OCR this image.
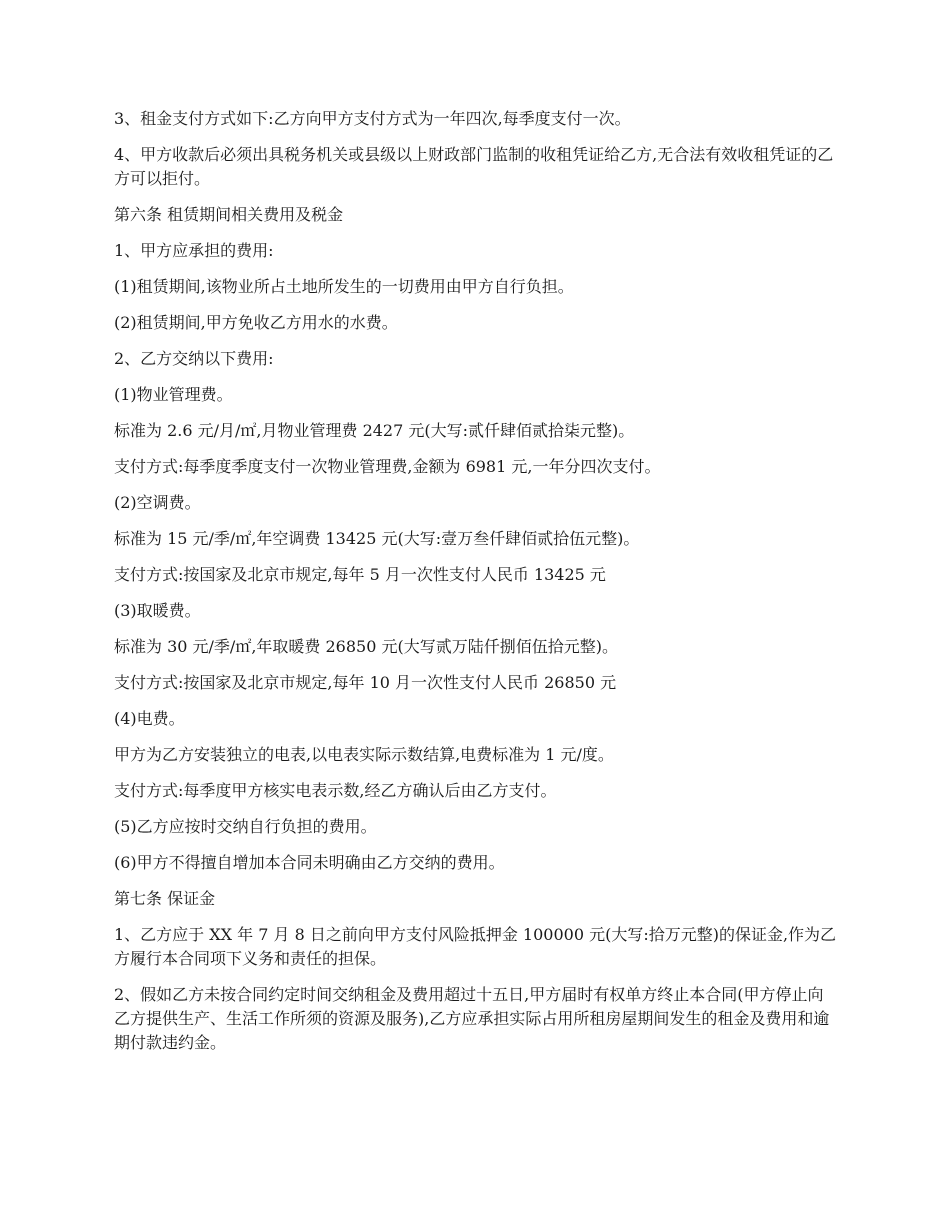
3、租金支付方式如下:乙方向甲方支付方式为一年四次,每季度支付一次。

4、甲方收款后必须出具税务机关或县级以上财政部门监制的收租凭证给乙方,无合法有效收租凭证的乙方可以拒付。

第六条 租赁期间相关费用及税金

1、甲方应承担的费用:

(1)租赁期间,该物业所占土地所发生的一切费用由甲方自行负担。

(2)租赁期间,甲方免收乙方用水的水费。

2、乙方交纳以下费用:

(1)物业管理费。

标准为 2.6 元/月/㎡,月物业管理费 2427 元(大写:贰仟肆佰贰拾柒元整)。

支付方式:每季度季度支付一次物业管理费,金额为 6981 元,一年分四次支付。

(2)空调费。

标准为 15 元/季/㎡,年空调费 13425 元(大写:壹万叁仟肆佰贰拾伍元整)。

支付方式:按国家及北京市规定,每年 5 月一次性支付人民币 13425 元

(3)取暖费。

标准为 30 元/季/㎡,年取暖费 26850 元(大写贰万陆仟捌佰伍拾元整)。

支付方式:按国家及北京市规定,每年 10 月一次性支付人民币 26850 元

(4)电费。

甲方为乙方安装独立的电表,以电表实际示数结算,电费标准为 1 元/度。

支付方式:每季度甲方核实电表示数,经乙方确认后由乙方支付。

(5)乙方应按时交纳自行负担的费用。

(6)甲方不得擅自增加本合同未明确由乙方交纳的费用。

第七条 保证金

1、乙方应于 XX 年 7 月 8 日之前向甲方支付风险抵押金 100000 元(大写:拾万元整)的保证金,作为乙方履行本合同项下义务和责任的担保。

2、假如乙方未按合同约定时间交纳租金及费用超过十五日,甲方届时有权单方终止本合同(甲方停止向乙方提供生产、生活工作所须的资源及服务),乙方应承担实际占用所租房屋期间发生的租金及费用和逾期付款违约金。
